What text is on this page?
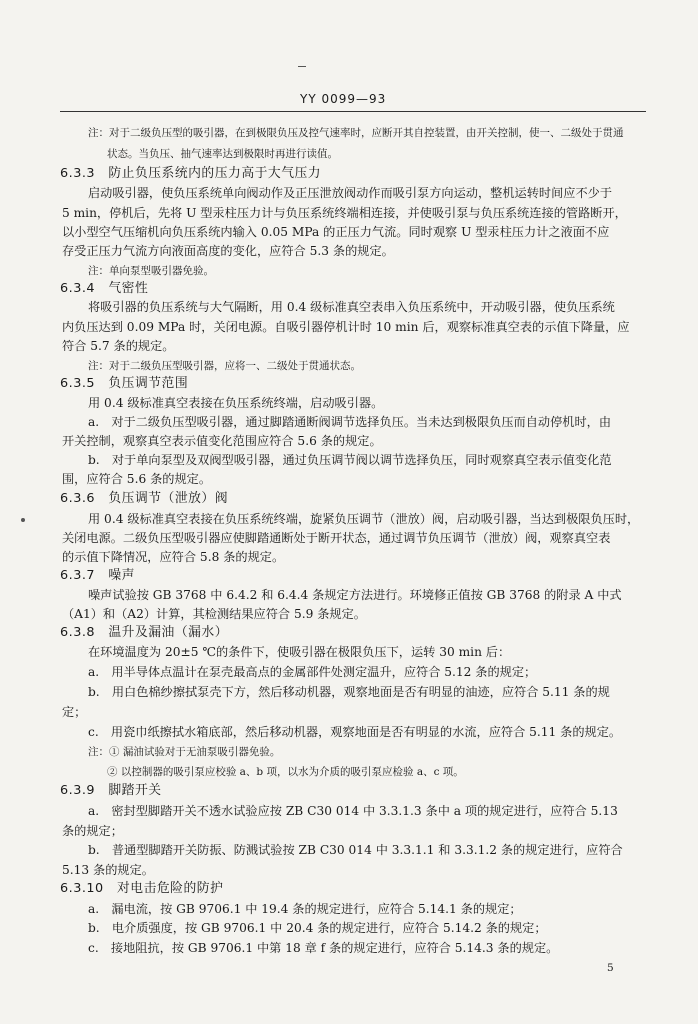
YY 0099—93
注：对于二级负压型的吸引器，在到极限负压及控气速率时，应断开其自控装置，由开关控制，使一、二级处于贯通
状态。当负压、抽气速率达到极限时再进行读值。
6.3.3　防止负压系统内的压力高于大气压力
启动吸引器，使负压系统单向阀动作及正压泄放阀动作而吸引泵方向运动，整机运转时间应不少于
5 min，停机后，先将 U 型汞柱压力计与负压系统终端相连接，并使吸引泵与负压系统连接的管路断开，
以小型空气压缩机向负压系统内输入 0.05 MPa 的正压力气流。同时观察 U 型汞柱压力计之液面不应
存受正压力气流方向液面高度的变化，应符合 5.3 条的规定。
注：单向泵型吸引器免验。
6.3.4　气密性
将吸引器的负压系统与大气隔断，用 0.4 级标准真空表串入负压系统中，开动吸引器，使负压系统
内负压达到 0.09 MPa 时，关闭电源。自吸引器停机计时 10 min 后，观察标准真空表的示值下降量，应
符合 5.7 条的规定。
注：对于二级负压型吸引器，应将一、二级处于贯通状态。
6.3.5　负压调节范围
用 0.4 级标准真空表接在负压系统终端，启动吸引器。
a.　对于二级负压型吸引器，通过脚踏通断阀调节选择负压。当未达到极限负压而自动停机时，由
开关控制，观察真空表示值变化范围应符合 5.6 条的规定。
b.　对于单向泵型及双阀型吸引器，通过负压调节阀以调节选择负压，同时观察真空表示值变化范
围，应符合 5.6 条的规定。
6.3.6　负压调节（泄放）阀
用 0.4 级标准真空表接在负压系统终端，旋紧负压调节（泄放）阀，启动吸引器，当达到极限负压时，
关闭电源。二级负压型吸引器应使脚踏通断处于断开状态，通过调节负压调节（泄放）阀，观察真空表
的示值下降情况，应符合 5.8 条的规定。
6.3.7　噪声
噪声试验按 GB 3768 中 6.4.2 和 6.4.4 条规定方法进行。环境修正值按 GB 3768 的附录 A 中式
（A1）和（A2）计算，其检测结果应符合 5.9 条规定。
6.3.8　温升及漏油（漏水）
在环境温度为 20±5 ℃的条件下，使吸引器在极限负压下，运转 30 min 后：
a.　用半导体点温计在泵壳最高点的金属部件处测定温升，应符合 5.12 条的规定；
b.　用白色棉纱擦拭泵壳下方，然后移动机器，观察地面是否有明显的油迹，应符合 5.11 条的规
定；
c.　用瓷巾纸擦拭水箱底部，然后移动机器，观察地面是否有明显的水流，应符合 5.11 条的规定。
注：① 漏油试验对于无油泵吸引器免验。
② 以控制器的吸引泵应校验 a、b 项，以水为介质的吸引泵应检验 a、c 项。
6.3.9　脚踏开关
a.　密封型脚踏开关不透水试验应按 ZB C30 014 中 3.3.1.3 条中 a 项的规定进行，应符合 5.13
条的规定；
b.　普通型脚踏开关防振、防溅试验按 ZB C30 014 中 3.3.1.1 和 3.3.1.2 条的规定进行，应符合
5.13 条的规定。
6.3.10　对电击危险的防护
a.　漏电流，按 GB 9706.1 中 19.4 条的规定进行，应符合 5.14.1 条的规定；
b.　电介质强度，按 GB 9706.1 中 20.4 条的规定进行，应符合 5.14.2 条的规定；
c.　接地阻抗，按 GB 9706.1 中第 18 章 f 条的规定进行，应符合 5.14.3 条的规定。
5
